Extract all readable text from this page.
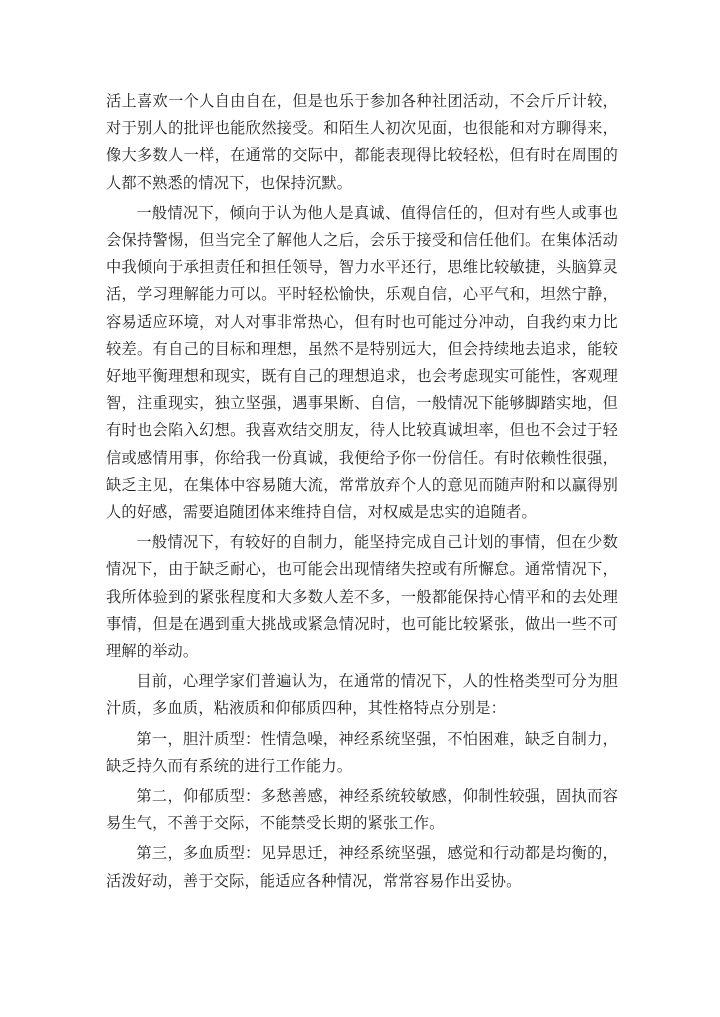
活上喜欢一个人自由自在，但是也乐于参加各种社团活动，不会斤斤计较，对于别人的批评也能欣然接受。和陌生人初次见面，也很能和对方聊得来，像大多数人一样，在通常的交际中，都能表现得比较轻松，但有时在周围的人都不熟悉的情况下，也保持沉默。

一般情况下，倾向于认为他人是真诚、值得信任的，但对有些人或事也会保持警惕，但当完全了解他人之后，会乐于接受和信任他们。在集体活动中我倾向于承担责任和担任领导，智力水平还行，思维比较敏捷，头脑算灵活，学习理解能力可以。平时轻松愉快，乐观自信，心平气和，坦然宁静，容易适应环境，对人对事非常热心，但有时也可能过分冲动，自我约束力比较差。有自己的目标和理想，虽然不是特别远大，但会持续地去追求，能较好地平衡理想和现实，既有自己的理想追求，也会考虑现实可能性，客观理智，注重现实，独立坚强，遇事果断、自信，一般情况下能够脚踏实地，但有时也会陷入幻想。我喜欢结交朋友，待人比较真诚坦率，但也不会过于轻信或感情用事，你给我一份真诚，我便给予你一份信任。有时依赖性很强，缺乏主见，在集体中容易随大流，常常放弃个人的意见而随声附和以赢得别人的好感，需要追随团体来维持自信，对权威是忠实的追随者。

一般情况下，有较好的自制力，能坚持完成自己计划的事情，但在少数情况下，由于缺乏耐心，也可能会出现情绪失控或有所懈怠。通常情况下，我所体验到的紧张程度和大多数人差不多，一般都能保持心情平和的去处理事情，但是在遇到重大挑战或紧急情况时，也可能比较紧张，做出一些不可理解的举动。

目前，心理学家们普遍认为，在通常的情况下，人的性格类型可分为胆汁质，多血质，粘液质和仰郁质四种，其性格特点分别是：

第一，胆汁质型：性情急噪，神经系统坚强，不怕困难，缺乏自制力，缺乏持久而有系统的进行工作能力。

第二，仰郁质型：多愁善感，神经系统较敏感，仰制性较强，固执而容易生气，不善于交际，不能禁受长期的紧张工作。

第三，多血质型：见异思迁，神经系统坚强，感觉和行动都是均衡的，活泼好动，善于交际，能适应各种情况，常常容易作出妥协。
